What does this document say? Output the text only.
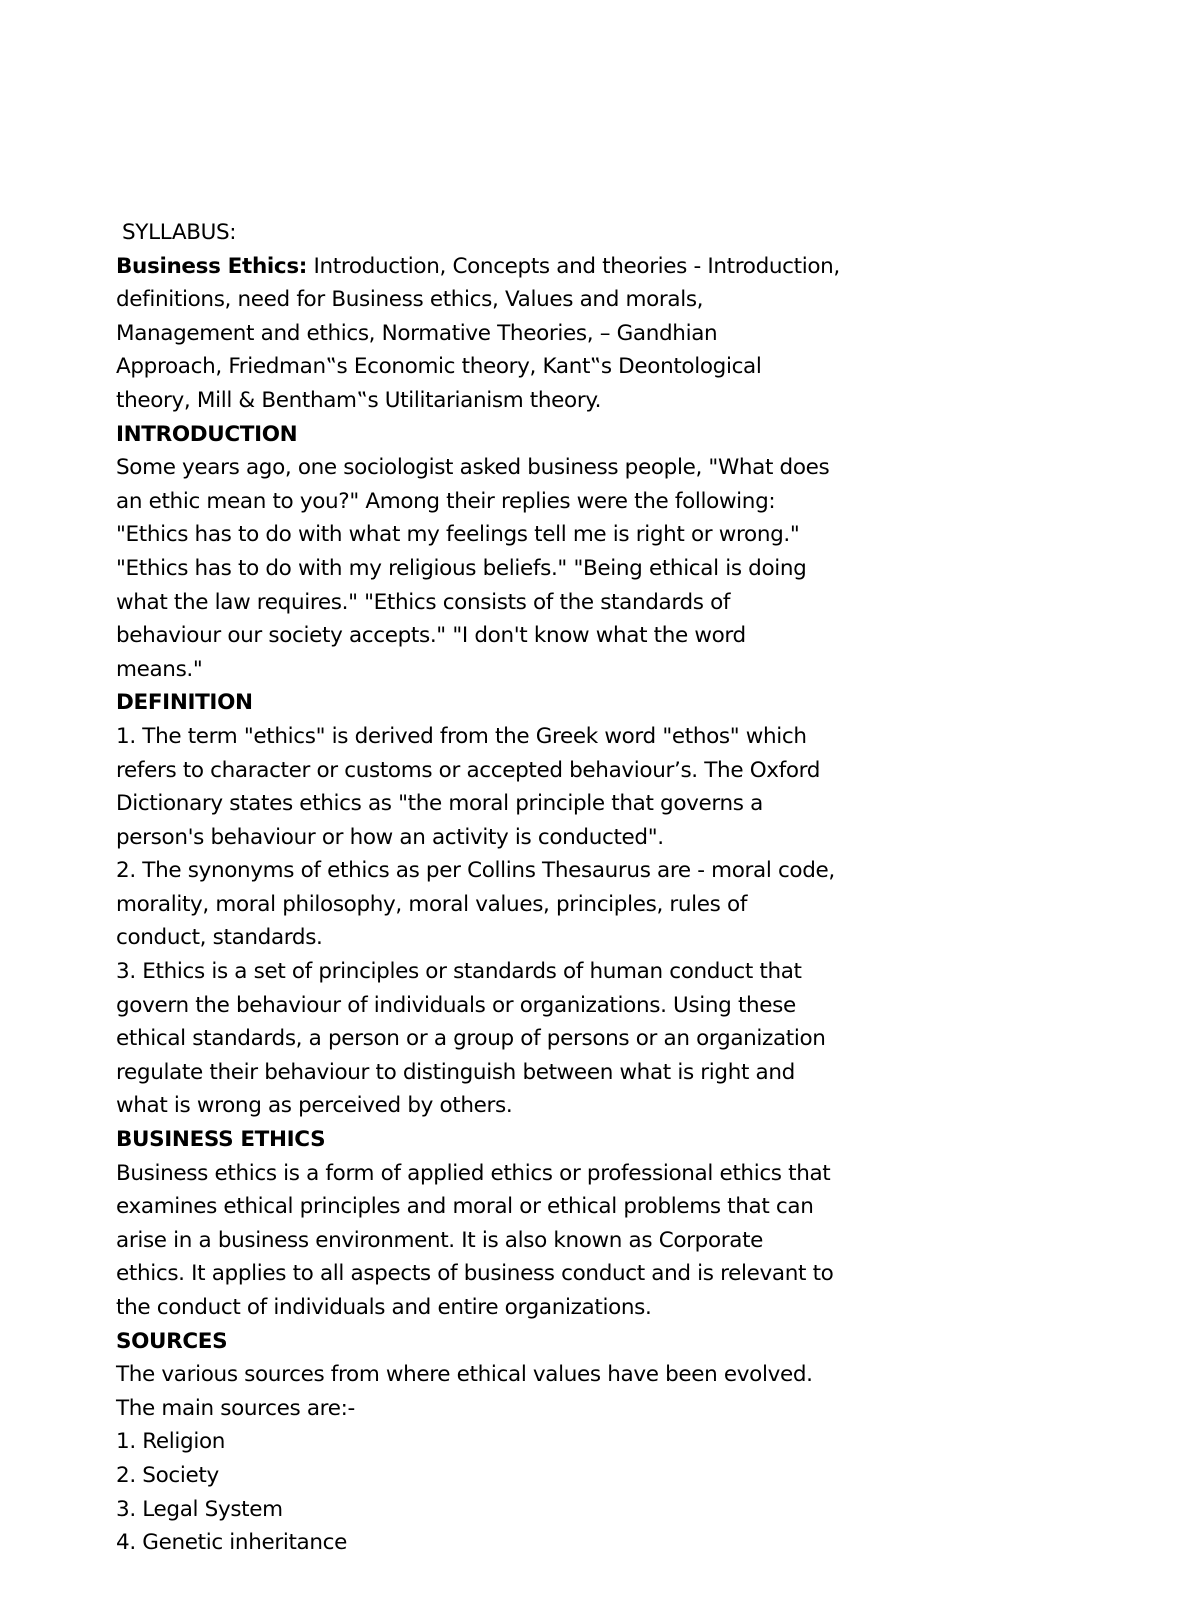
SYLLABUS:
Business Ethics: Introduction, Concepts and theories - Introduction,
definitions, need for Business ethics, Values and morals,
Management and ethics, Normative Theories, – Gandhian
Approach, Friedman‟s Economic theory, Kant‟s Deontological
theory, Mill & Bentham‟s Utilitarianism theory.
INTRODUCTION
Some years ago, one sociologist asked business people, "What does
an ethic mean to you?" Among their replies were the following:
"Ethics has to do with what my feelings tell me is right or wrong."
"Ethics has to do with my religious beliefs." "Being ethical is doing
what the law requires." "Ethics consists of the standards of
behaviour our society accepts." "I don't know what the word
means."
DEFINITION
1. The term "ethics" is derived from the Greek word "ethos" which
refers to character or customs or accepted behaviour’s. The Oxford
Dictionary states ethics as "the moral principle that governs a
person's behaviour or how an activity is conducted".
2. The synonyms of ethics as per Collins Thesaurus are - moral code,
morality, moral philosophy, moral values, principles, rules of
conduct, standards.
3. Ethics is a set of principles or standards of human conduct that
govern the behaviour of individuals or organizations. Using these
ethical standards, a person or a group of persons or an organization
regulate their behaviour to distinguish between what is right and
what is wrong as perceived by others.
BUSINESS ETHICS
Business ethics is a form of applied ethics or professional ethics that
examines ethical principles and moral or ethical problems that can
arise in a business environment. It is also known as Corporate
ethics. It applies to all aspects of business conduct and is relevant to
the conduct of individuals and entire organizations.
SOURCES
The various sources from where ethical values have been evolved.
The main sources are:-
1. Religion
2. Society
3. Legal System
4. Genetic inheritance
